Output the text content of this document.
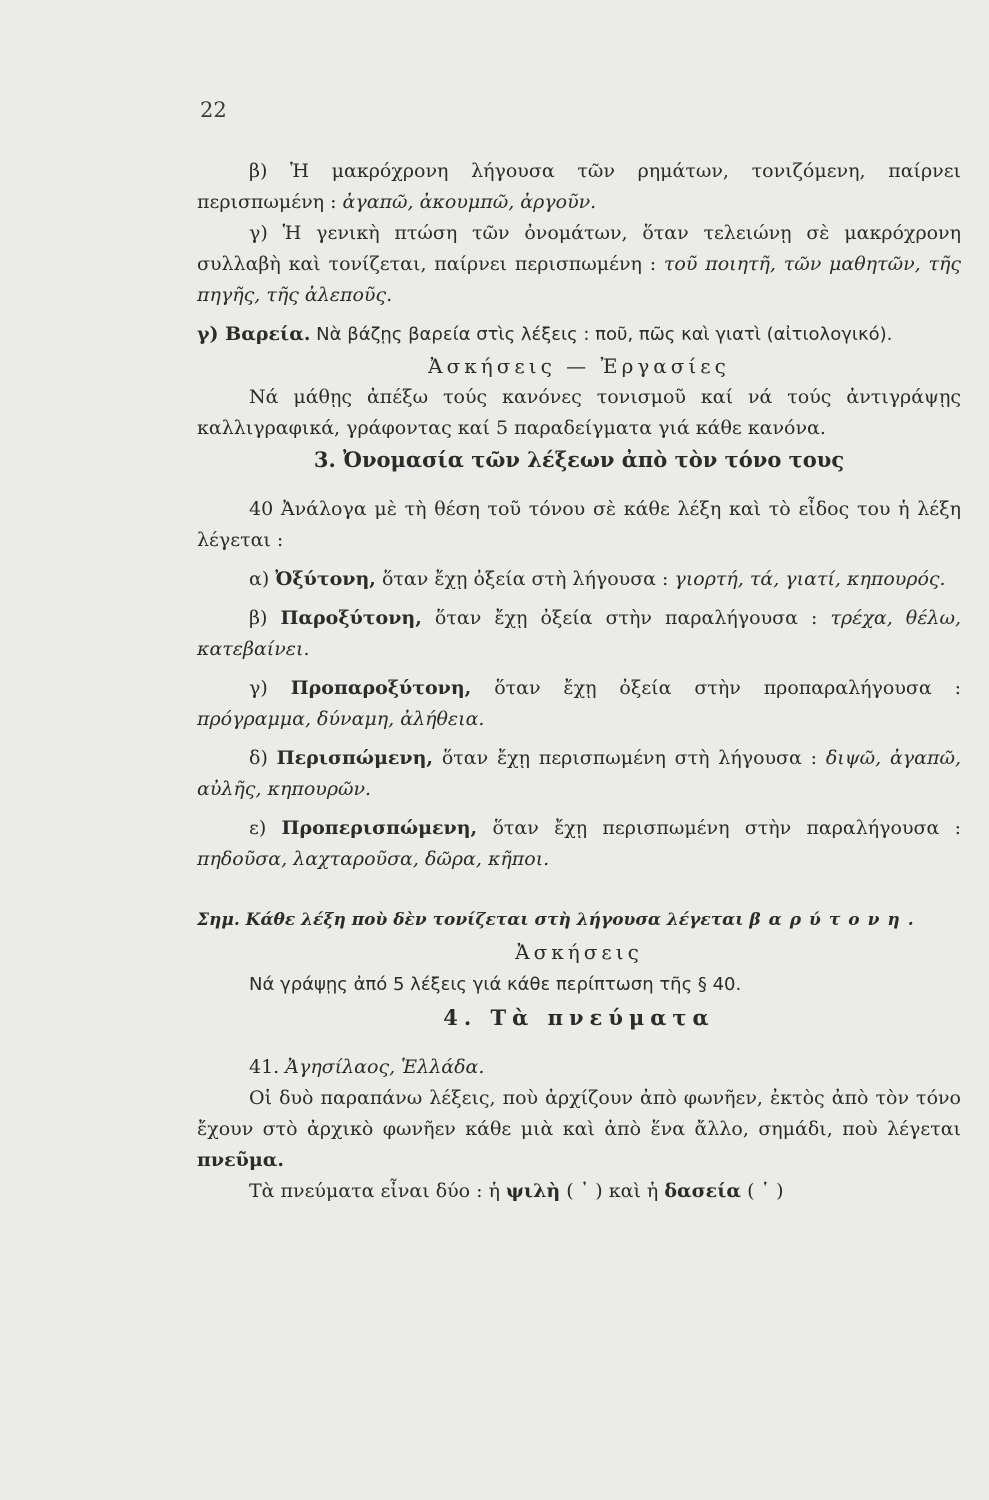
22

β) Ἡ μακρόχρονη λήγουσα τῶν ρημάτων, τονιζόμενη, παίρνει περισπωμένη : ἀγαπῶ, ἀκουμπῶ, ἀργοῦν.

γ) Ἡ γενικὴ πτώση τῶν ὀνομάτων, ὅταν τελειώνῃ σὲ μακρόχρονη συλλαβὴ καὶ τονίζεται, παίρνει περισπωμένη : τοῦ ποιητῆ, τῶν μαθητῶν, τῆς πηγῆς, τῆς ἀλεποῦς.

γ) Βαρεία. Νὰ βάζῃς βαρεία στὶς λέξεις : ποῦ, πῶς καὶ γιατὶ (αἰτιολογικό).

Ἀσκήσεις — Ἐργασίες

Νά μάθῃς ἀπέξω τούς κανόνες τονισμοῦ καί νά τούς ἀντιγράψῃς καλλιγραφικά, γράφοντας καί 5 παραδείγματα γιά κάθε κανόνα.

3. Ὀνομασία τῶν λέξεων ἀπὸ τὸν τόνο τους

40 Ἀνάλογα μὲ τὴ θέση τοῦ τόνου σὲ κάθε λέξη καὶ τὸ εἶδος του ἡ λέξη λέγεται :

α) Ὀξύτονη, ὅταν ἔχῃ ὀξεία στὴ λήγουσα : γιορτή, τά, γιατί, κηπουρός.

β) Παροξύτονη, ὅταν ἔχῃ ὀξεία στὴν παραλήγουσα : τρέχα, θέλω, κατεβαίνει.

γ) Προπαροξύτονη, ὅταν ἔχῃ ὀξεία στὴν προπαραλήγουσα : πρόγραμμα, δύναμη, ἀλήθεια.

δ) Περισπώμενη, ὅταν ἔχῃ περισπωμένη στὴ λήγουσα : διψῶ, ἀγαπῶ, αὐλῆς, κηπουρῶν.

ε) Προπερισπώμενη, ὅταν ἔχῃ περισπωμένη στὴν παραλήγουσα : πηδοῦσα, λαχταροῦσα, δῶρα, κῆποι.

Σημ. Κάθε λέξη ποὺ δὲν τονίζεται στὴ λήγουσα λέγεται βαρύτονη.

Ἀσκήσεις

Νά γράψῃς ἀπό 5 λέξεις γιά κάθε περίπτωση τῆς § 40.

4. Τὰ πνεύματα

41. Ἀγησίλαος, Ἑλλάδα.

Οἱ δυὸ παραπάνω λέξεις, ποὺ ἀρχίζουν ἀπὸ φωνῆεν, ἐκτὸς ἀπὸ τὸν τόνο ἔχουν στὸ ἀρχικὸ φωνῆεν κάθε μιὰ καὶ ἀπὸ ἕνα ἄλλο, σημάδι, ποὺ λέγεται πνεῦμα.

Τὰ πνεύματα εἶναι δύο : ἡ ψιλὴ ( ᾿ ) καὶ ἡ δασεία ( ῾ )
